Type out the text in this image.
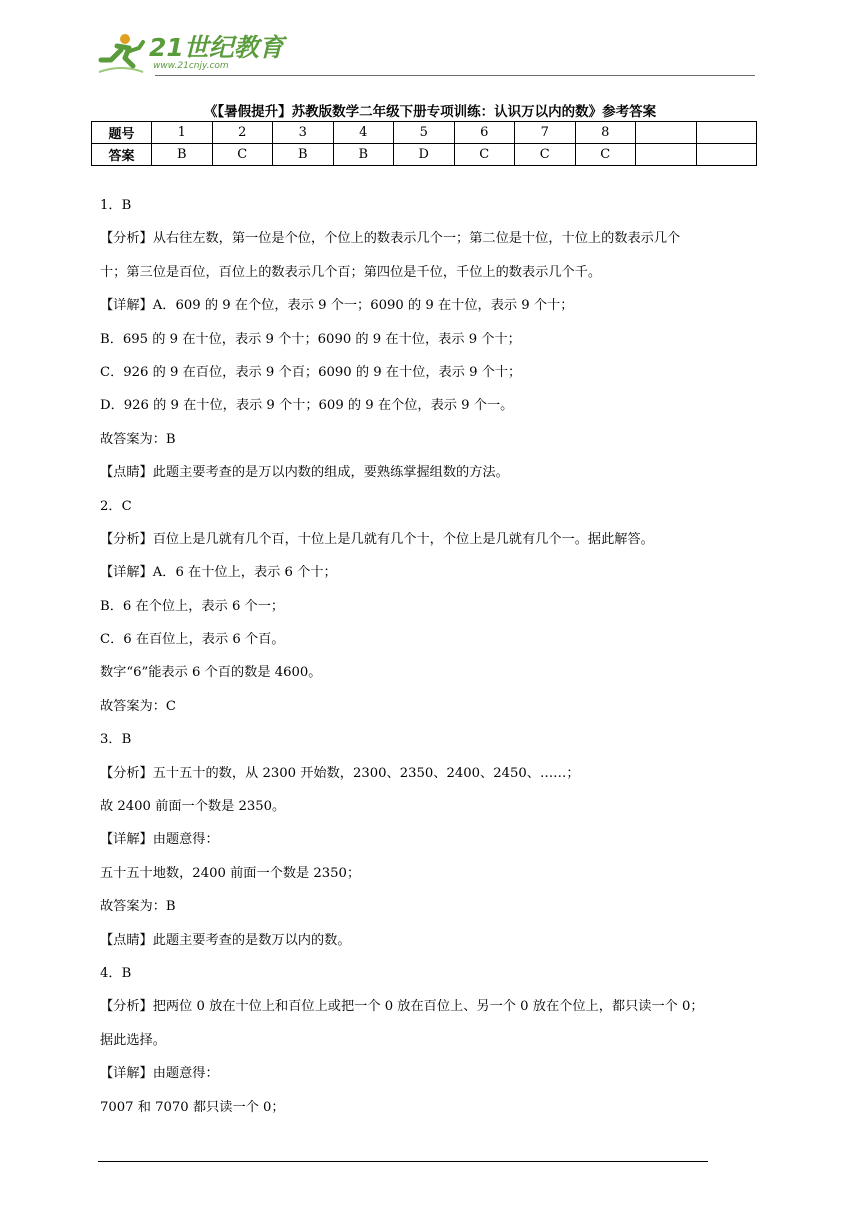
21世纪教育
www.21cnjy.com
《【暑假提升】苏教版数学二年级下册专项训练：认识万以内的数》参考答案
题号	1	2	3	4	5	6	7	8		
答案	B	C	B	B	D	C	C	C		

1．B

【分析】从右往左数，第一位是个位，个位上的数表示几个一；第二位是十位，十位上的数表示几个

十；第三位是百位，百位上的数表示几个百；第四位是千位，千位上的数表示几个千。

【详解】A．609 的 9 在个位，表示 9 个一；6090 的 9 在十位，表示 9 个十；

B．695 的 9 在十位，表示 9 个十；6090 的 9 在十位，表示 9 个十；

C．926 的 9 在百位，表示 9 个百；6090 的 9 在十位，表示 9 个十；

D．926 的 9 在十位，表示 9 个十；609 的 9 在个位，表示 9 个一。

故答案为：B

【点睛】此题主要考查的是万以内数的组成，要熟练掌握组数的方法。

2．C

【分析】百位上是几就有几个百，十位上是几就有几个十，个位上是几就有几个一。据此解答。

【详解】A．6 在十位上，表示 6 个十；

B．6 在个位上，表示 6 个一；

C．6 在百位上，表示 6 个百。

数字“6”能表示 6 个百的数是 4600。

故答案为：C

3．B

【分析】五十五十的数，从 2300 开始数，2300、2350、2400、2450、……；

故 2400 前面一个数是 2350。

【详解】由题意得：

五十五十地数，2400 前面一个数是 2350；

故答案为：B

【点睛】此题主要考查的是数万以内的数。

4．B

【分析】把两位 0 放在十位上和百位上或把一个 0 放在百位上、另一个 0 放在个位上，都只读一个 0；

据此选择。

【详解】由题意得：

7007 和 7070 都只读一个 0；
